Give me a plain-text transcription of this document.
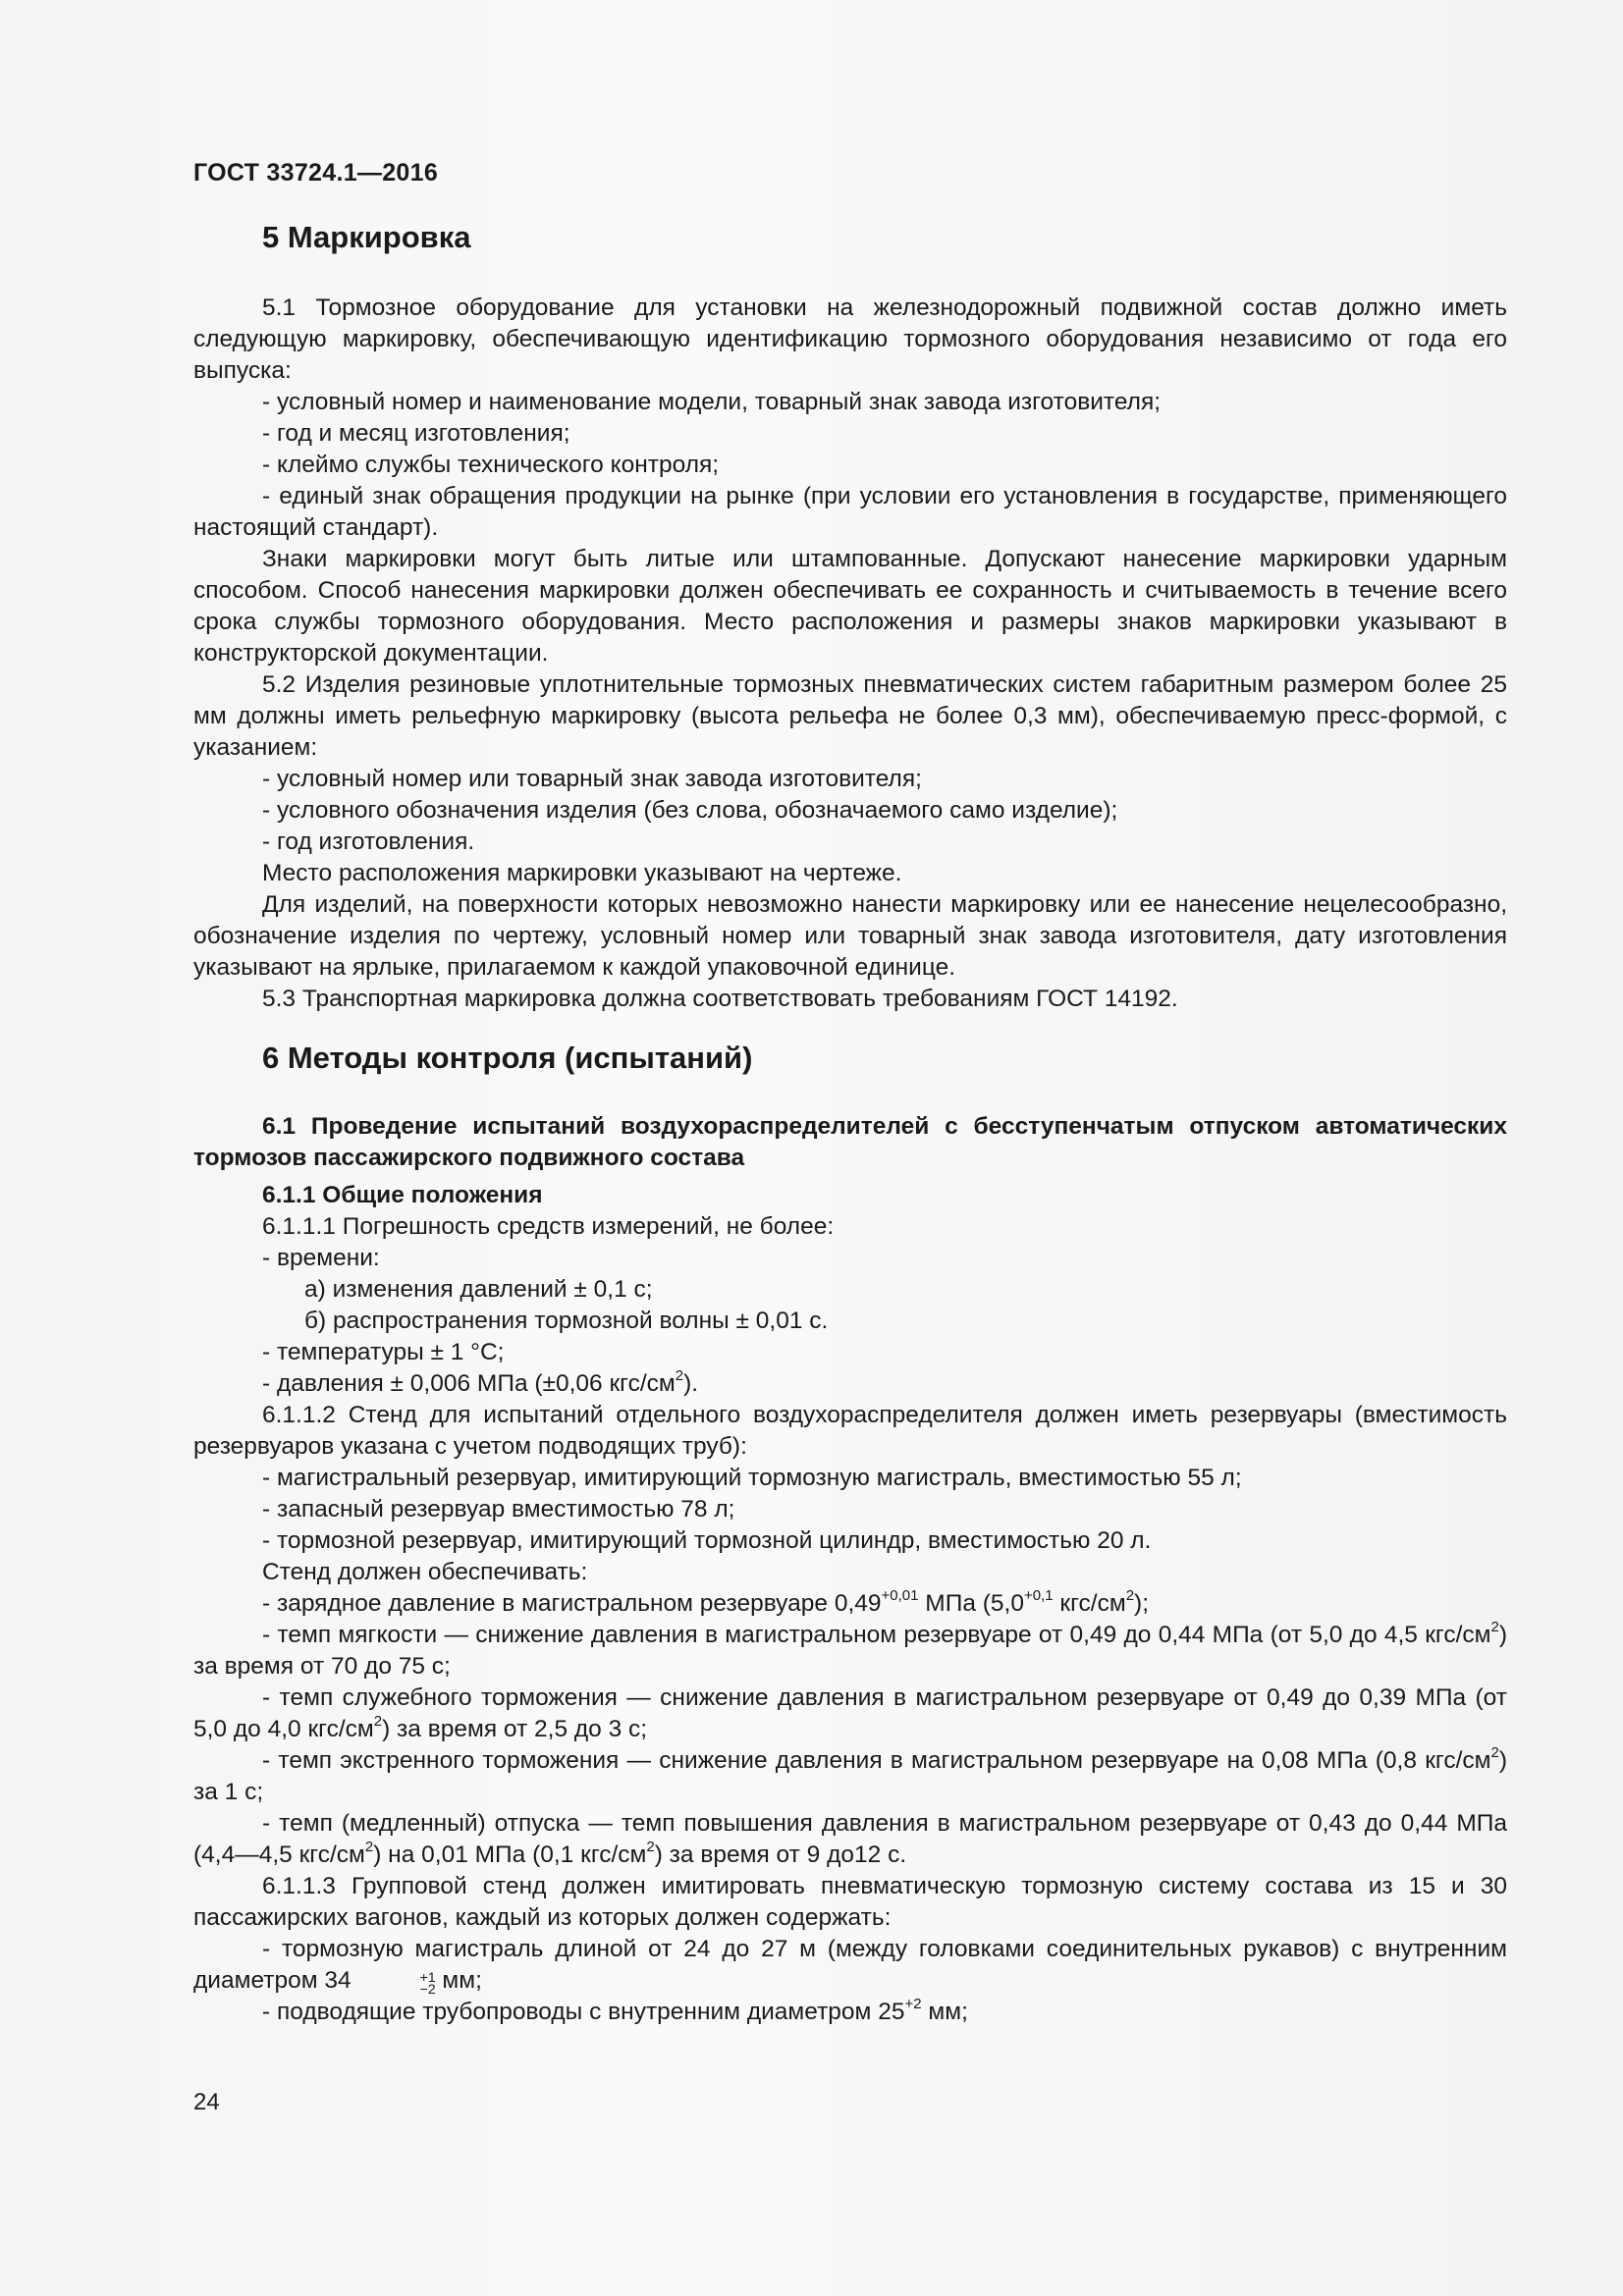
ГОСТ 33724.1—2016
5 Маркировка

5.1 Тормозное оборудование для установки на железнодорожный подвижной состав должно иметь следующую маркировку, обеспечивающую идентификацию тормозного оборудования независимо от года его выпуска:

- условный номер и наименование модели, товарный знак завода изготовителя;

- год и месяц изготовления;

- клеймо службы технического контроля;

- единый знак обращения продукции на рынке (при условии его установления в государстве, применяющего настоящий стандарт).

Знаки маркировки могут быть литые или штампованные. Допускают нанесение маркировки ударным способом. Способ нанесения маркировки должен обеспечивать ее сохранность и считываемость в течение всего срока службы тормозного оборудования. Место расположения и размеры знаков маркировки указывают в конструкторской документации.

5.2 Изделия резиновые уплотнительные тормозных пневматических систем габаритным размером более 25 мм должны иметь рельефную маркировку (высота рельефа не более 0,3 мм), обеспечиваемую пресс-формой, с указанием:

- условный номер или товарный знак завода изготовителя;

- условного обозначения изделия (без слова, обозначаемого само изделие);

- год изготовления.

Место расположения маркировки указывают на чертеже.

Для изделий, на поверхности которых невозможно нанести маркировку или ее нанесение нецелесообразно, обозначение изделия по чертежу, условный номер или товарный знак завода изготовителя, дату изготовления указывают на ярлыке, прилагаемом к каждой упаковочной единице.

5.3 Транспортная маркировка должна соответствовать требованиям ГОСТ 14192.

6 Методы контроля (испытаний)

6.1 Проведение испытаний воздухораспределителей с бесступенчатым отпуском автоматических тормозов пассажирского подвижного состава

6.1.1 Общие положения

6.1.1.1 Погрешность средств измерений, не более:

- времени:

а) изменения давлений ± 0,1 с;

б) распространения тормозной волны ± 0,01 с.

- температуры ± 1 °С;

- давления ± 0,006 МПа (±0,06 кгс/$см^2$).

6.1.1.2 Стенд для испытаний отдельного воздухораспределителя должен иметь резервуары (вместимость резервуаров указана с учетом подводящих труб):

- магистральный резервуар, имитирующий тормозную магистраль, вместимостью 55 л;

- запасный резервуар вместимостью 78 л;

- тормозной резервуар, имитирующий тормозной цилиндр, вместимостью 20 л.

Стенд должен обеспечивать:

- зарядное давление в магистральном резервуаре $0,49^{+0,01}$ МПа ($5,0^{+0,1}$ кгс/$см^2$);

- темп мягкости — снижение давления в магистральном резервуаре от 0,49 до 0,44 МПа (от 5,0 до 4,5 кгс/$см^2$) за время от 70 до 75 с;

- темп служебного торможения — снижение давления в магистральном резервуаре от 0,49 до 0,39 МПа (от 5,0 до 4,0 кгс/$см^2$) за время от 2,5 до 3 с;

- темп экстренного торможения — снижение давления в магистральном резервуаре на 0,08 МПа (0,8 кгс/$см^2$) за 1 с;

- темп (медленный) отпуска — темп повышения давления в магистральном резервуаре от 0,43 до 0,44 МПа (4,4—4,5 кгс/$см^2$) на 0,01 МПа (0,1 кгс/$см^2$) за время от 9 до12 с.

6.1.1.3 Групповой стенд должен имитировать пневматическую тормозную систему состава из 15 и 30 пассажирских вагонов, каждый из которых должен содержать:

- тормозную магистраль длиной от 24 до 27 м (между головками соединительных рукавов) с внутренним диаметром 34	+1
−2 мм;

- подводящие трубопроводы с внутренним диаметром $25^{+2}$ мм;

24
